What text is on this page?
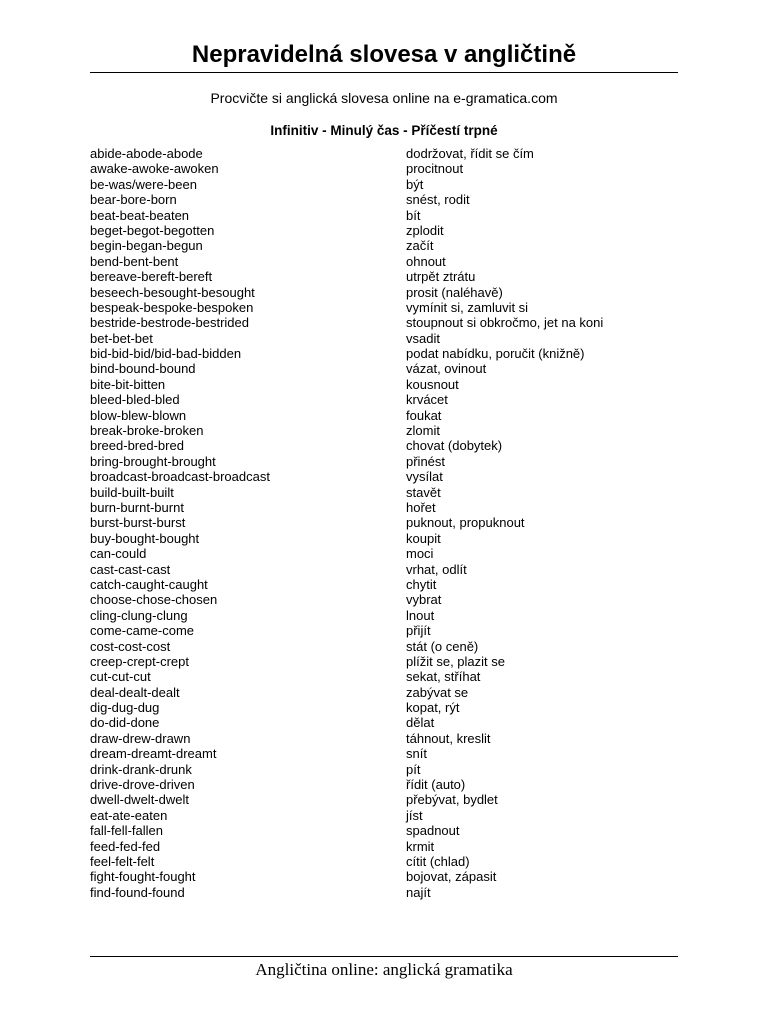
Nepravidelná slovesa v angličtině
Procvičte si anglická slovesa online na e-gramatica.com
Infinitiv - Minulý čas - Příčestí trpné
abide-abode-abode	dodržovat, řídit se čím
awake-awoke-awoken	procitnout
be-was/were-been	být
bear-bore-born	snést, rodit
beat-beat-beaten	bít
beget-begot-begotten	zplodit
begin-began-begun	začít
bend-bent-bent	ohnout
bereave-bereft-bereft	utrpět ztrátu
beseech-besought-besought	prosit (naléhavě)
bespeak-bespoke-bespoken	vymínit si, zamluvit si
bestride-bestrode-bestrided	stoupnout si obkročmo, jet na koni
bet-bet-bet	vsadit
bid-bid-bid/bid-bad-bidden	podat nabídku, poručit (knižně)
bind-bound-bound	vázat, ovinout
bite-bit-bitten	kousnout
bleed-bled-bled	krvácet
blow-blew-blown	foukat
break-broke-broken	zlomit
breed-bred-bred	chovat (dobytek)
bring-brought-brought	přinést
broadcast-broadcast-broadcast	vysílat
build-built-built	stavět
burn-burnt-burnt	hořet
burst-burst-burst	puknout, propuknout
buy-bought-bought	koupit
can-could	moci
cast-cast-cast	vrhat, odlít
catch-caught-caught	chytit
choose-chose-chosen	vybrat
cling-clung-clung	lnout
come-came-come	přijít
cost-cost-cost	stát (o ceně)
creep-crept-crept	plížit se, plazit se
cut-cut-cut	sekat, stříhat
deal-dealt-dealt	zabývat se
dig-dug-dug	kopat, rýt
do-did-done	dělat
draw-drew-drawn	táhnout, kreslit
dream-dreamt-dreamt	snít
drink-drank-drunk	pít
drive-drove-driven	řídit (auto)
dwell-dwelt-dwelt	přebývat, bydlet
eat-ate-eaten	jíst
fall-fell-fallen	spadnout
feed-fed-fed	krmit
feel-felt-felt	cítit (chlad)
fight-fought-fought	bojovat, zápasit
find-found-found	najít
Angličtina online: anglická gramatika
